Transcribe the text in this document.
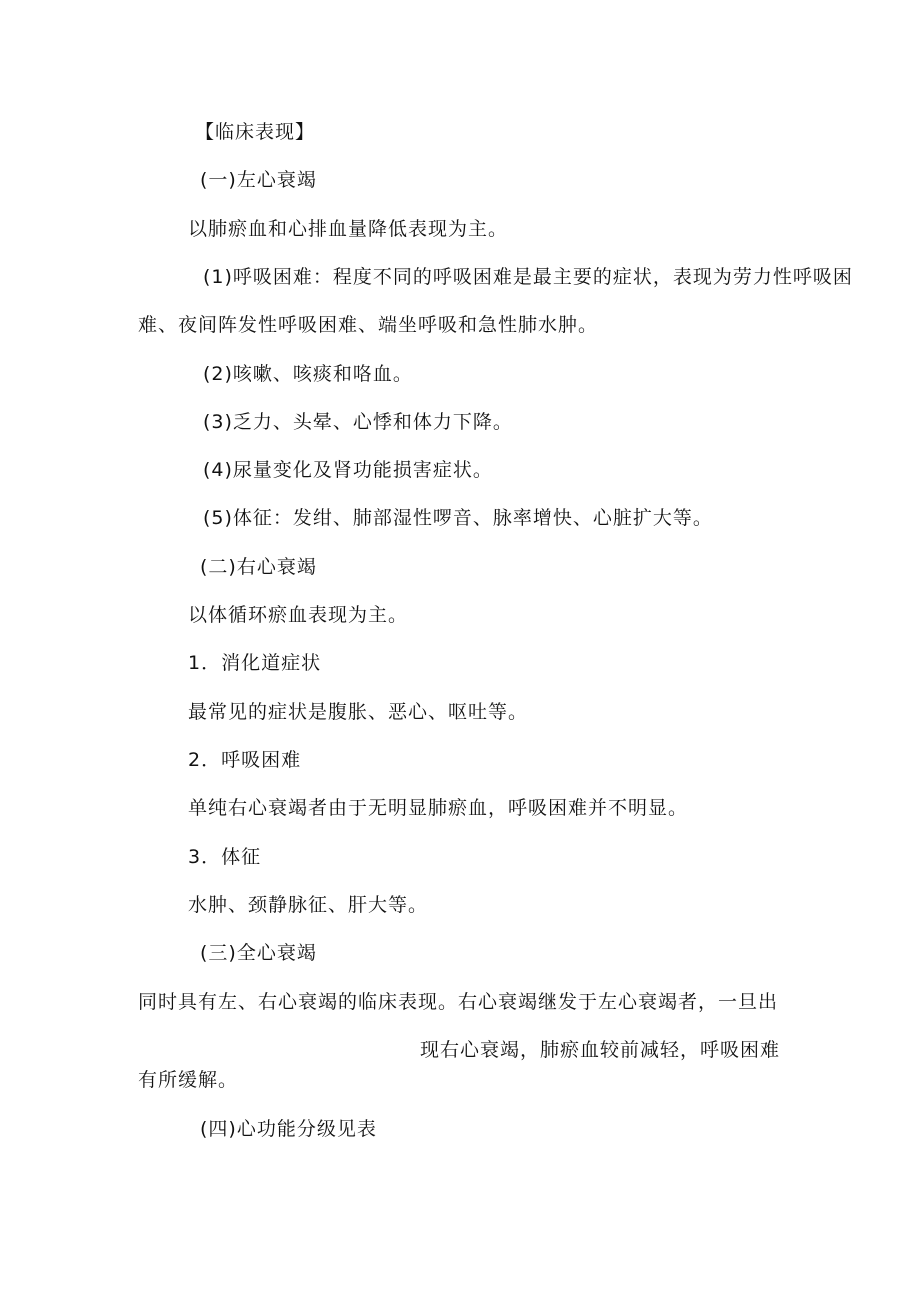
【临床表现】
(一)左心衰竭
以肺瘀血和心排血量降低表现为主。
(1)呼吸困难：程度不同的呼吸困难是最主要的症状，表现为劳力性呼吸困
难、夜间阵发性呼吸困难、端坐呼吸和急性肺水肿。
(2)咳嗽、咳痰和咯血。
(3)乏力、头晕、心悸和体力下降。
(4)尿量变化及肾功能损害症状。
(5)体征：发绀、肺部湿性啰音、脉率增快、心脏扩大等。
(二)右心衰竭
以体循环瘀血表现为主。
1．消化道症状
最常见的症状是腹胀、恶心、呕吐等。
2．呼吸困难
单纯右心衰竭者由于无明显肺瘀血，呼吸困难并不明显。
3．体征
水肿、颈静脉征、肝大等。
(三)全心衰竭
同时具有左、右心衰竭的临床表现。右心衰竭继发于左心衰竭者，一旦出
现右心衰竭，肺瘀血较前减轻，呼吸困难
有所缓解。
(四)心功能分级见表
